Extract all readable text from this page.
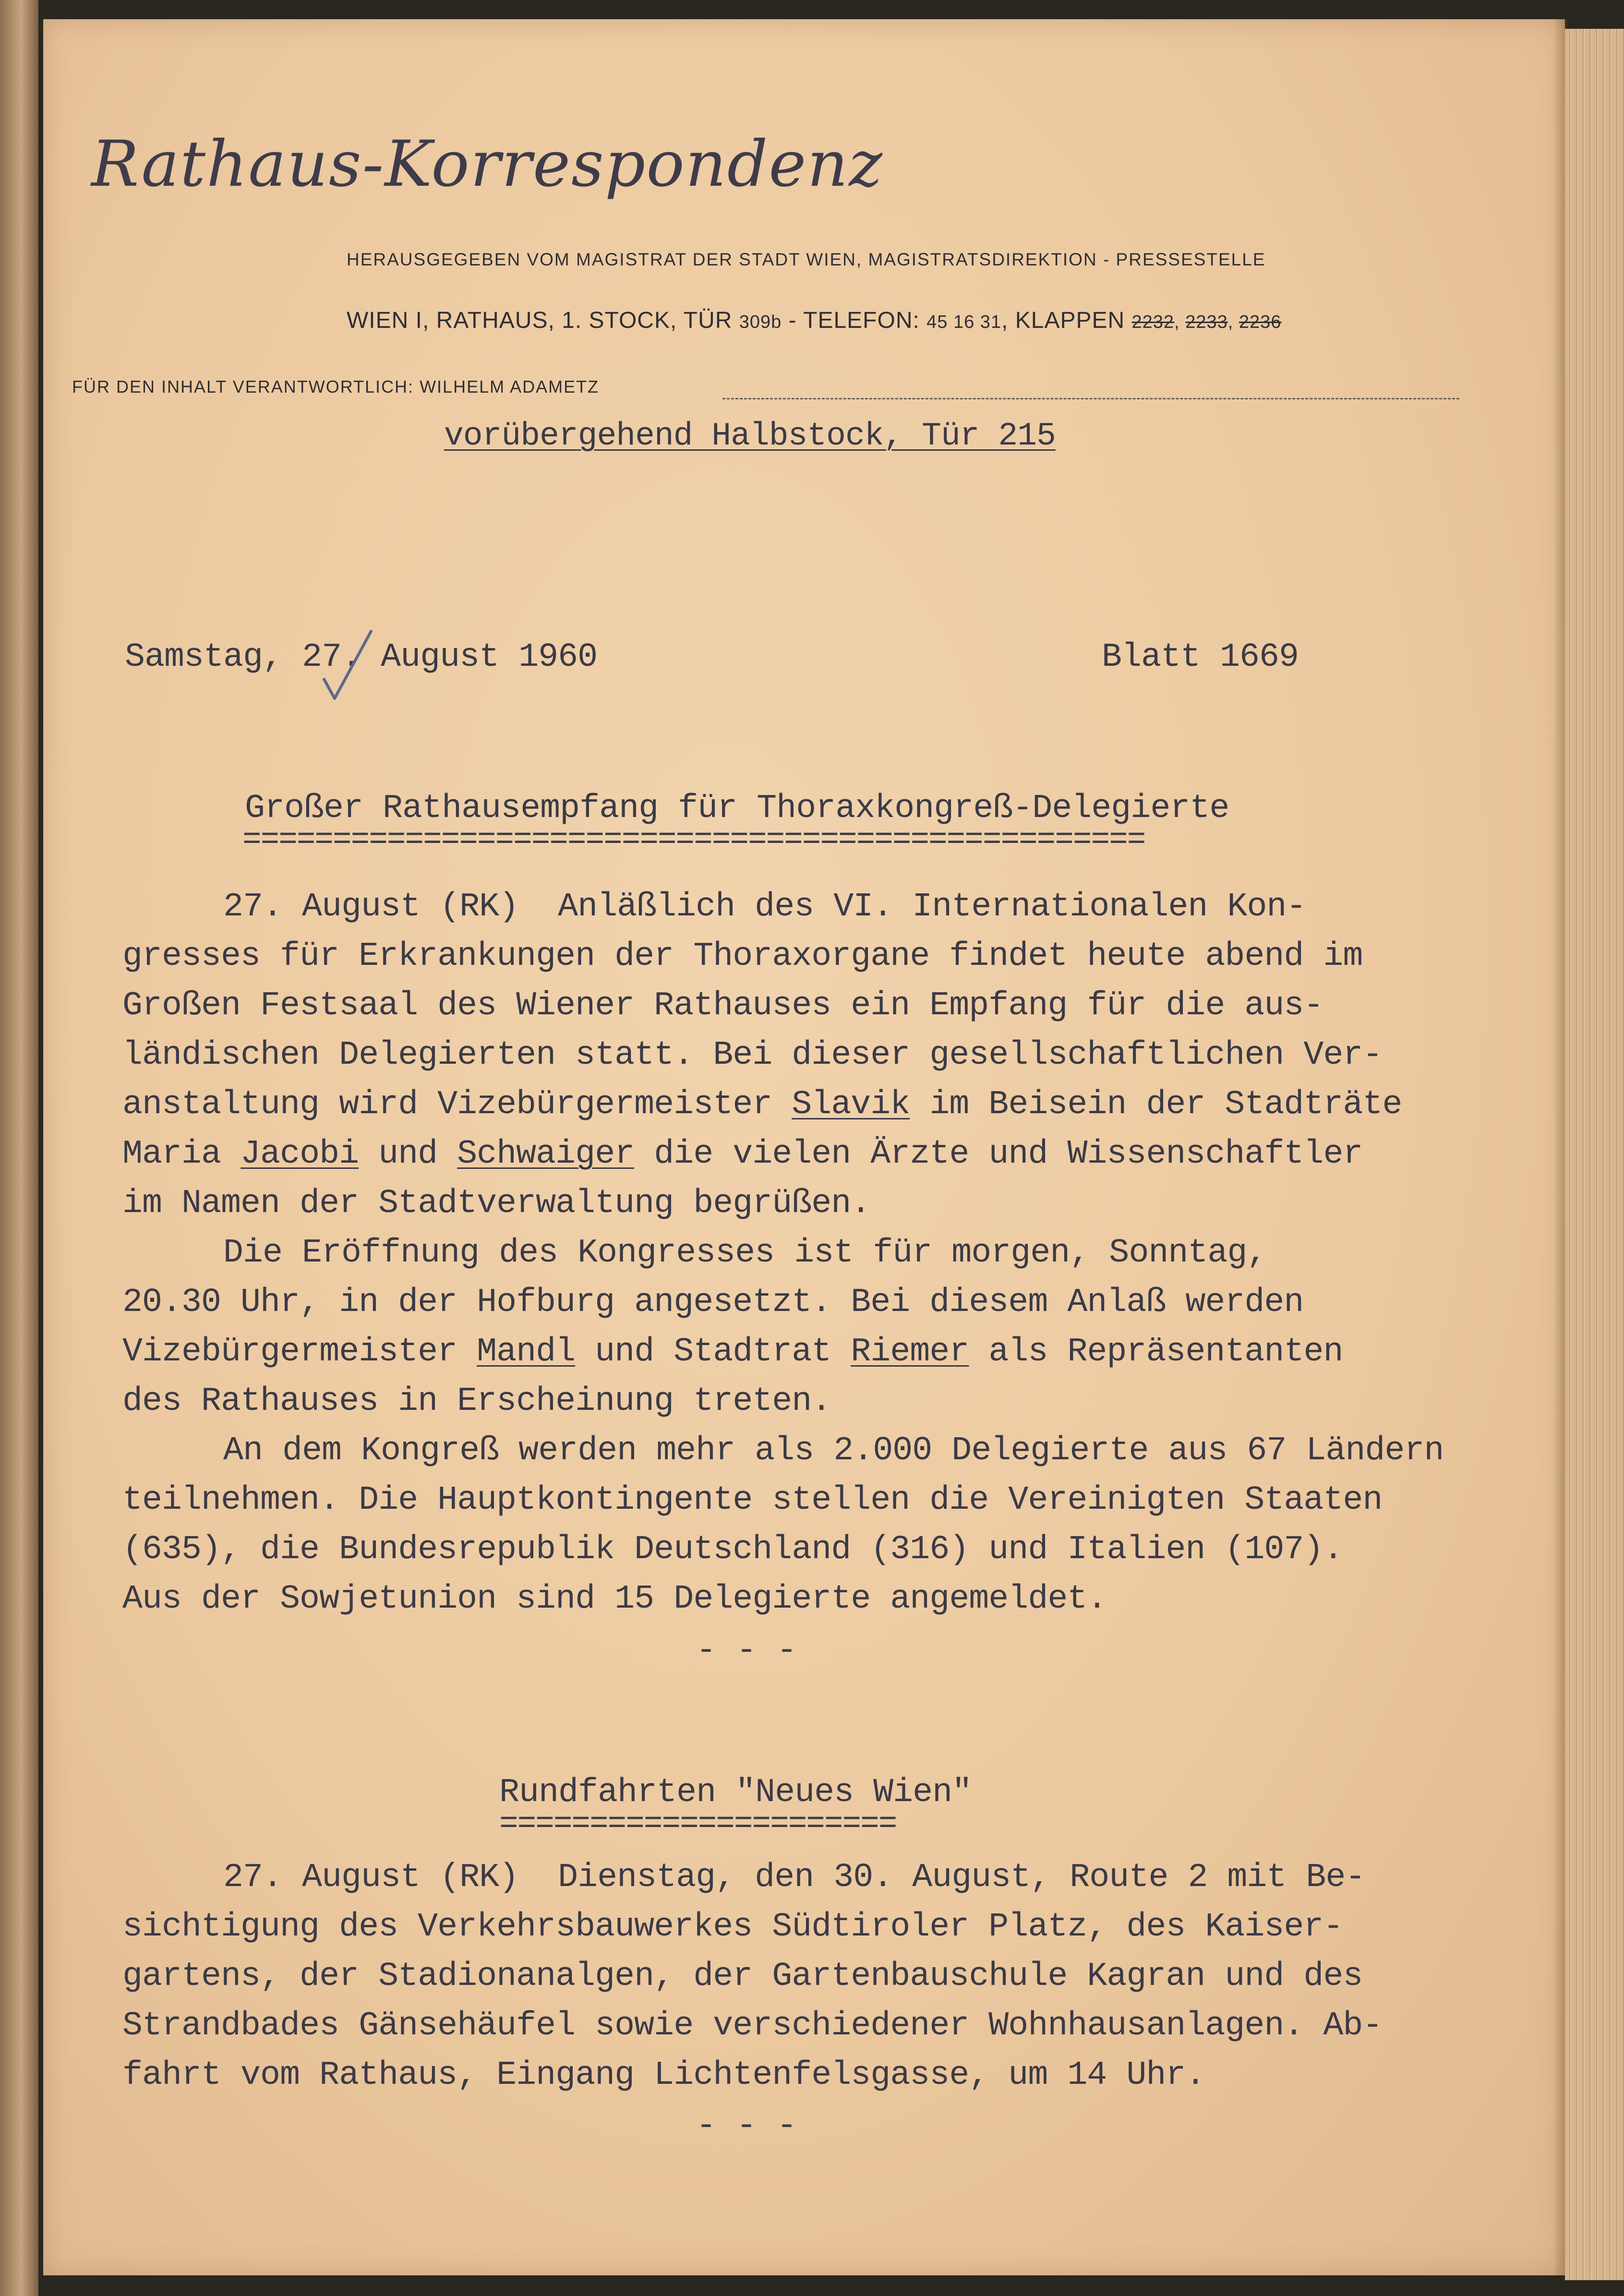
Rathaus-Korrespondenz
HERAUSGEGEBEN VOM MAGISTRAT DER STADT WIEN, MAGISTRATSDIREKTION - PRESSESTELLE
WIEN I, RATHAUS, 1. STOCK, TÜR 309b - TELEFON: 45 16 31, KLAPPEN 2232, 2233, 2236
FÜR DEN INHALT VERANTWORTLICH: WILHELM ADAMETZ
vorübergehend Halbstock, Tür 215
Samstag, 27. August 1960	Blatt 1669
Großer Rathausempfang für Thoraxkongreß-Delegierte
==================================================
27. August (RK)  Anläßlich des VI. Internationalen Kon-
gresses für Erkrankungen der Thoraxorgane findet heute abend im
Großen Festsaal des Wiener Rathauses ein Empfang für die aus-
ländischen Delegierten statt. Bei dieser gesellschaftlichen Ver-
anstaltung wird Vizebürgermeister Slavik im Beisein der Stadträte
Maria Jacobi und Schwaiger die vielen Ärzte und Wissenschaftler
im Namen der Stadtverwaltung begrüßen.
Die Eröffnung des Kongresses ist für morgen, Sonntag,
20.30 Uhr, in der Hofburg angesetzt. Bei diesem Anlaß werden
Vizebürgermeister Mandl und Stadtrat Riemer als Repräsentanten
des Rathauses in Erscheinung treten.
An dem Kongreß werden mehr als 2.000 Delegierte aus 67 Ländern
teilnehmen. Die Hauptkontingente stellen die Vereinigten Staaten
(635), die Bundesrepublik Deutschland (316) und Italien (107).
Aus der Sowjetunion sind 15 Delegierte angemeldet.
- - -
Rundfahrten "Neues Wien"
======================
27. August (RK)  Dienstag, den 30. August, Route 2 mit Be-
sichtigung des Verkehrsbauwerkes Südtiroler Platz, des Kaiser-
gartens, der Stadionanalgen, der Gartenbauschule Kagran und des
Strandbades Gänsehäufel sowie verschiedener Wohnhausanlagen. Ab-
fahrt vom Rathaus, Eingang Lichtenfelsgasse, um 14 Uhr.
- - -
